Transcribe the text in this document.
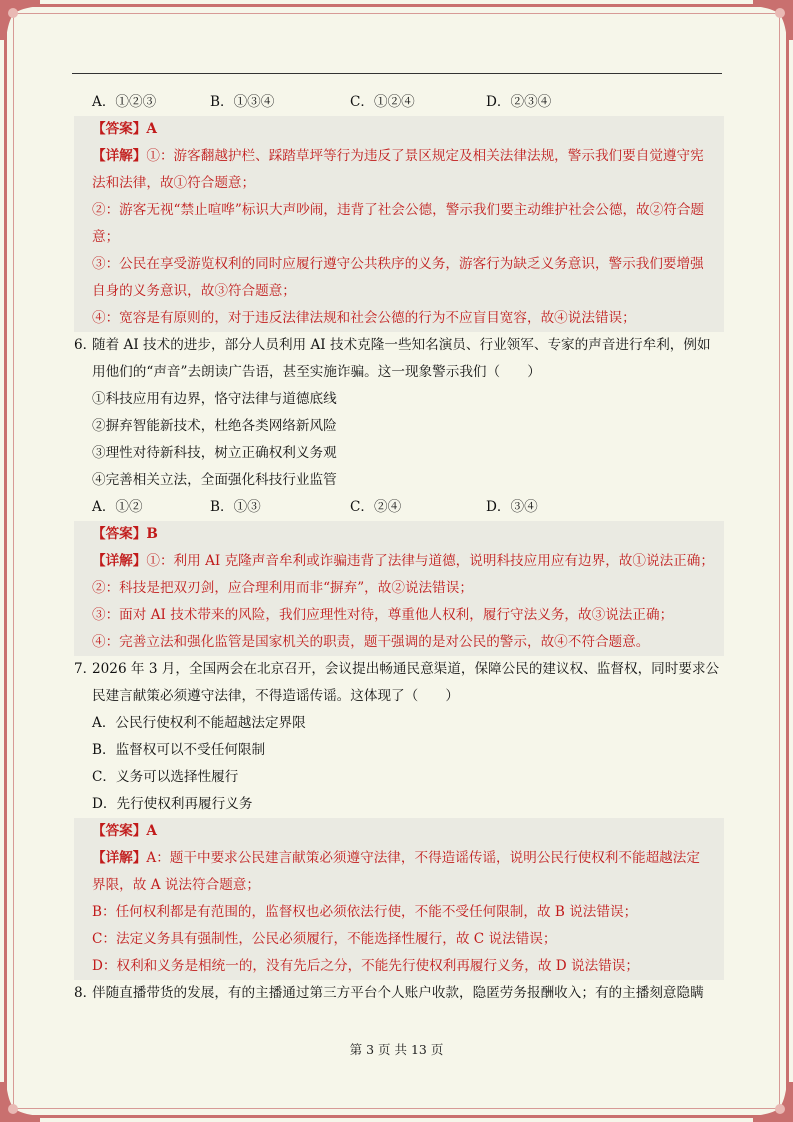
A．①②③	B．①③④	C．①②④	D．②③④
【答案】A
【详解】①：游客翻越护栏、踩踏草坪等行为违反了景区规定及相关法律法规，警示我们要自觉遵守宪
法和法律，故①符合题意；
②：游客无视“禁止喧哗”标识大声吵闹，违背了社会公德，警示我们要主动维护社会公德，故②符合题
意；
③：公民在享受游览权利的同时应履行遵守公共秩序的义务，游客行为缺乏义务意识，警示我们要增强
自身的义务意识，故③符合题意；
④：宽容是有原则的，对于违反法律法规和社会公德的行为不应盲目宽容，故④说法错误；
6．
随着 AI 技术的进步，部分人员利用 AI 技术克隆一些知名演员、行业领军、专家的声音进行牟利，例如
用他们的“声音”去朗读广告语，甚至实施诈骗。这一现象警示我们（　　）
①科技应用有边界，恪守法律与道德底线
②摒弃智能新技术，杜绝各类网络新风险
③理性对待新科技，树立正确权利义务观
④完善相关立法，全面强化科技行业监管
A．①②	B．①③	C．②④	D．③④
【答案】B
【详解】①：利用 AI 克隆声音牟利或诈骗违背了法律与道德，说明科技应用应有边界，故①说法正确；
②：科技是把双刃剑，应合理利用而非“摒弃”，故②说法错误；
③：面对 AI 技术带来的风险，我们应理性对待，尊重他人权利，履行守法义务，故③说法正确；
④：完善立法和强化监管是国家机关的职责，题干强调的是对公民的警示，故④不符合题意。
7．
2026 年 3 月，全国两会在北京召开，会议提出畅通民意渠道，保障公民的建议权、监督权，同时要求公
民建言献策必须遵守法律，不得造谣传谣。这体现了（　　）
A．公民行使权利不能超越法定界限
B．监督权可以不受任何限制
C．义务可以选择性履行
D．先行使权利再履行义务
【答案】A
【详解】A：题干中要求公民建言献策必须遵守法律，不得造谣传谣，说明公民行使权利不能超越法定
界限，故 A 说法符合题意；
B：任何权利都是有范围的，监督权也必须依法行使，不能不受任何限制，故 B 说法错误；
C：法定义务具有强制性，公民必须履行，不能选择性履行，故 C 说法错误；
D：权利和义务是相统一的，没有先后之分，不能先行使权利再履行义务，故 D 说法错误；
8．
伴随直播带货的发展，有的主播通过第三方平台个人账户收款，隐匿劳务报酬收入；有的主播刻意隐瞒
第 3 页 共 13 页
